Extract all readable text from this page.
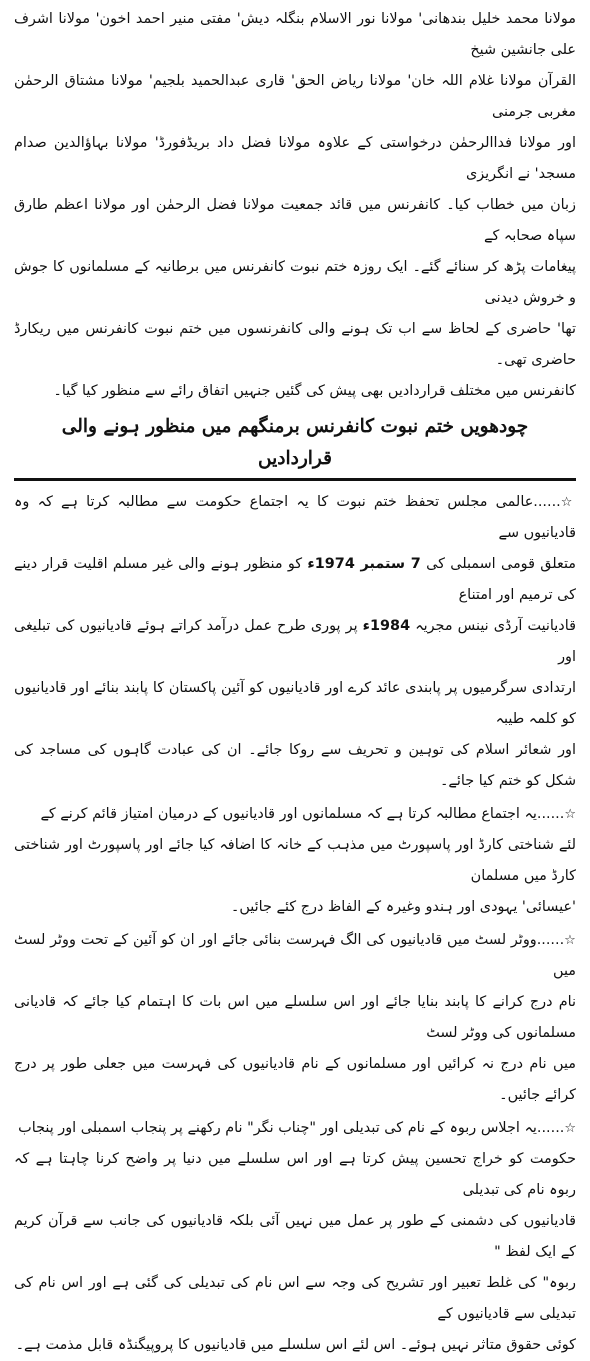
مولانا محمد خلیل بندھانی' مولانا نور الاسلام بنگلہ دیش' مفتی منیر احمد اخون' مولانا اشرف علی جانشین شیخ

القرآن مولانا غلام اللہ خان' مولانا ریاض الحق' قاری عبدالحمید بلجیم' مولانا مشتاق الرحمٰن مغربی جرمنی

اور مولانا فداالرحمٰن درخواستی کے علاوہ مولانا فضل داد بریڈفورڈ' مولانا بہاؤالدین صدام مسجد' نے انگریزی

زبان میں خطاب کیا۔ کانفرنس میں قائد جمعیت مولانا فضل الرحمٰن اور مولانا اعظم طارق سپاہ صحابہ کے

پیغامات پڑھ کر سنائے گئے۔ ایک روزہ ختم نبوت کانفرنس میں برطانیہ کے مسلمانوں کا جوش و خروش دیدنی

تھا' حاضری کے لحاظ سے اب تک ہونے والی کانفرنسوں میں ختم نبوت کانفرنس میں ریکارڈ حاضری تھی۔

کانفرنس میں مختلف قراردادیں بھی پیش کی گئیں جنہیں اتفاق رائے سے منظور کیا گیا۔

چودھویں ختم نبوت کانفرنس برمنگھم میں منظور ہونے والی قراردادیں

☆......عالمی مجلس تحفظ ختم نبوت کا یہ اجتماع حکومت سے مطالبہ کرتا ہے کہ وہ قادیانیوں سے

متعلق قومی اسمبلی کی 7 ستمبر 1974ء کو منظور ہونے والی غیر مسلم اقلیت قرار دینے کی ترمیم اور امتناع

قادیانیت آرڈی نینس مجریہ 1984ء پر پوری طرح عمل درآمد کراتے ہوئے قادیانیوں کی تبلیغی اور

ارتدادی سرگرمیوں پر پابندی عائد کرے اور قادیانیوں کو آئین پاکستان کا پابند بنائے اور قادیانیوں کو کلمہ طیبہ

اور شعائر اسلام کی توہین و تحریف سے روکا جائے۔ ان کی عبادت گاہوں کی مساجد کی شکل کو ختم کیا جائے۔

☆......یہ اجتماع مطالبہ کرتا ہے کہ مسلمانوں اور قادیانیوں کے درمیان امتیاز قائم کرنے کے

لئے شناختی کارڈ اور پاسپورٹ میں مذہب کے خانہ کا اضافہ کیا جائے اور پاسپورٹ اور شناختی کارڈ میں مسلمان

'عیسائی' یہودی اور ہندو وغیرہ کے الفاظ درج کئے جائیں۔

☆......ووٹر لسٹ میں قادیانیوں کی الگ فہرست بنائی جائے اور ان کو آئین کے تحت ووٹر لسٹ میں

نام درج کرانے کا پابند بنایا جائے اور اس سلسلے میں اس بات کا اہتمام کیا جائے کہ قادیانی مسلمانوں کی ووٹر لسٹ

میں نام درج نہ کرائیں اور مسلمانوں کے نام قادیانیوں کی فہرست میں جعلی طور پر درج کرائے جائیں۔

☆......یہ اجلاس ربوہ کے نام کی تبدیلی اور "چناب نگر" نام رکھنے پر پنجاب اسمبلی اور پنجاب

حکومت کو خراج تحسین پیش کرتا ہے اور اس سلسلے میں دنیا پر واضح کرنا چاہتا ہے کہ ربوہ نام کی تبدیلی

قادیانیوں کی دشمنی کے طور پر عمل میں نہیں آئی بلکہ قادیانیوں کی جانب سے قرآن کریم کے ایک لفظ "

ربوہ" کی غلط تعبیر اور تشریح کی وجہ سے اس نام کی تبدیلی کی گئی ہے اور اس نام کی تبدیلی سے قادیانیوں کے

کوئی حقوق متاثر نہیں ہوئے۔ اس لئے اس سلسلے میں قادیانیوں کا پروپیگنڈہ قابل مذمت ہے۔
